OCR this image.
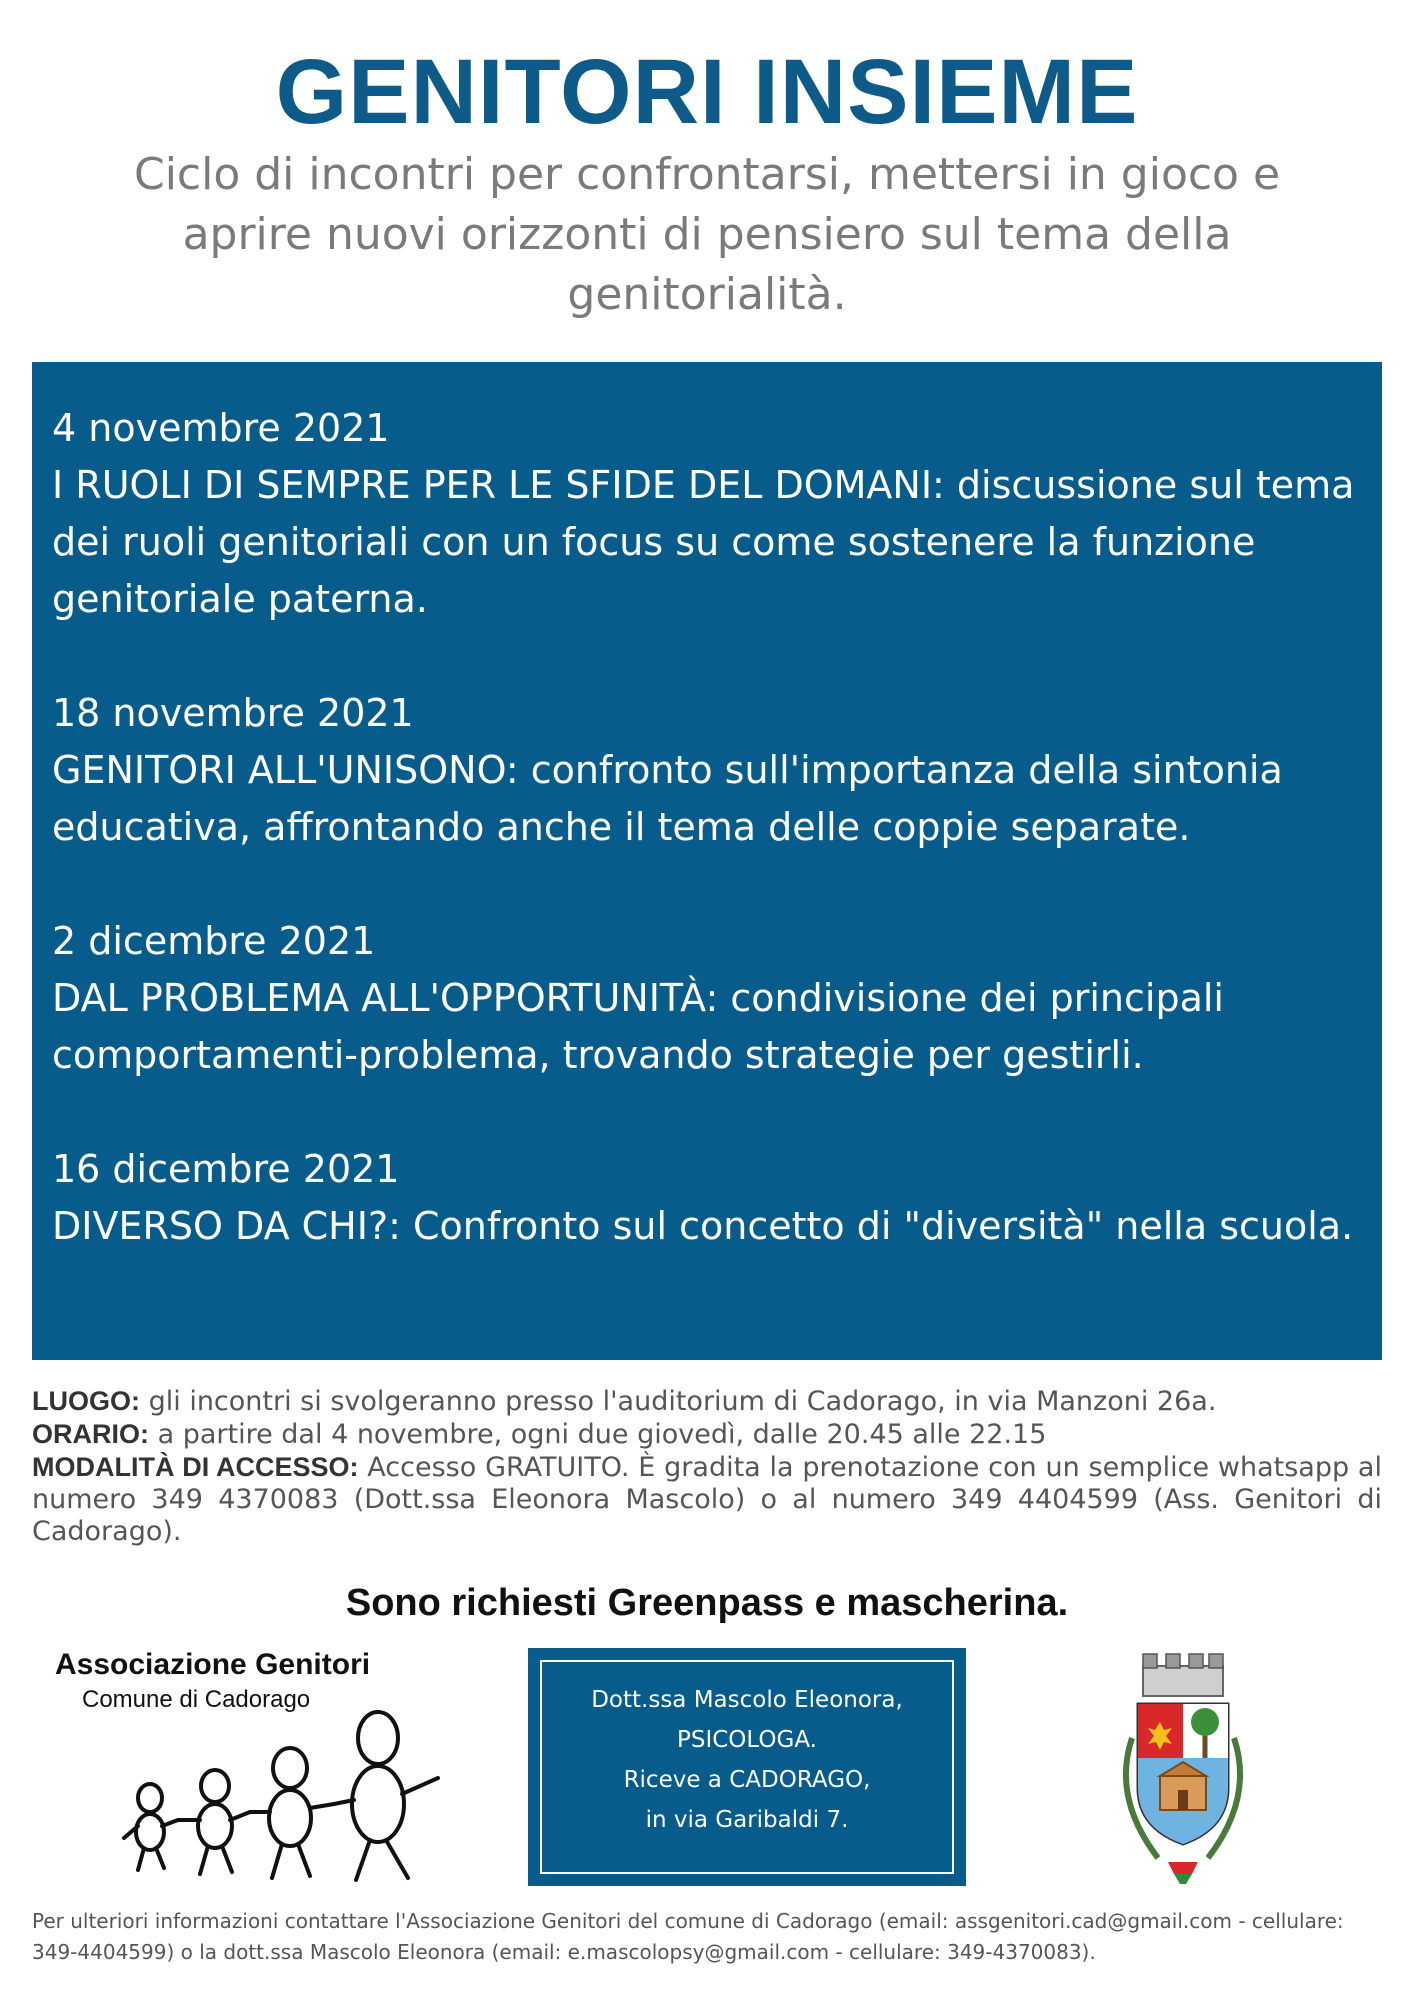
GENITORI INSIEME

Ciclo di incontri per confrontarsi, mettersi in gioco e aprire nuovi orizzonti di pensiero sul tema della genitorialità.

4 novembre 2021
I RUOLI DI SEMPRE PER LE SFIDE DEL DOMANI: discussione sul tema dei ruoli genitoriali con un focus su come sostenere la funzione genitoriale paterna.
18 novembre 2021
GENITORI ALL'UNISONO: confronto sull'importanza della sintonia educativa, affrontando anche il tema delle coppie separate.
2 dicembre 2021
DAL PROBLEMA ALL'OPPORTUNITÀ: condivisione dei principali comportamenti-problema, trovando strategie per gestirli.
16 dicembre 2021
DIVERSO DA CHI?: Confronto sul concetto di "diversità" nella scuola.
LUOGO: gli incontri si svolgeranno presso l'auditorium di Cadorago, in via Manzoni 26a.
ORARIO: a partire dal 4 novembre, ogni due giovedì, dalle 20.45 alle 22.15
MODALITÀ DI ACCESSO: Accesso GRATUITO. È gradita la prenotazione con un semplice whatsapp al numero 349 4370083 (Dott.ssa Eleonora Mascolo) o al numero 349 4404599 (Ass. Genitori di Cadorago).
Sono richiesti Greenpass e mascherina.
Associazione Genitori
Comune di Cadorago	Dott.ssa Mascolo Eleonora,
PSICOLOGA.
Riceve a CADORAGO,
in via Garibaldi 7.

Per ulteriori informazioni contattare l'Associazione Genitori del comune di Cadorago (email: assgenitori.cad@gmail.com - cellulare: 349-4404599) o la dott.ssa Mascolo Eleonora (email: e.mascolopsy@gmail.com - cellulare: 349-4370083).
